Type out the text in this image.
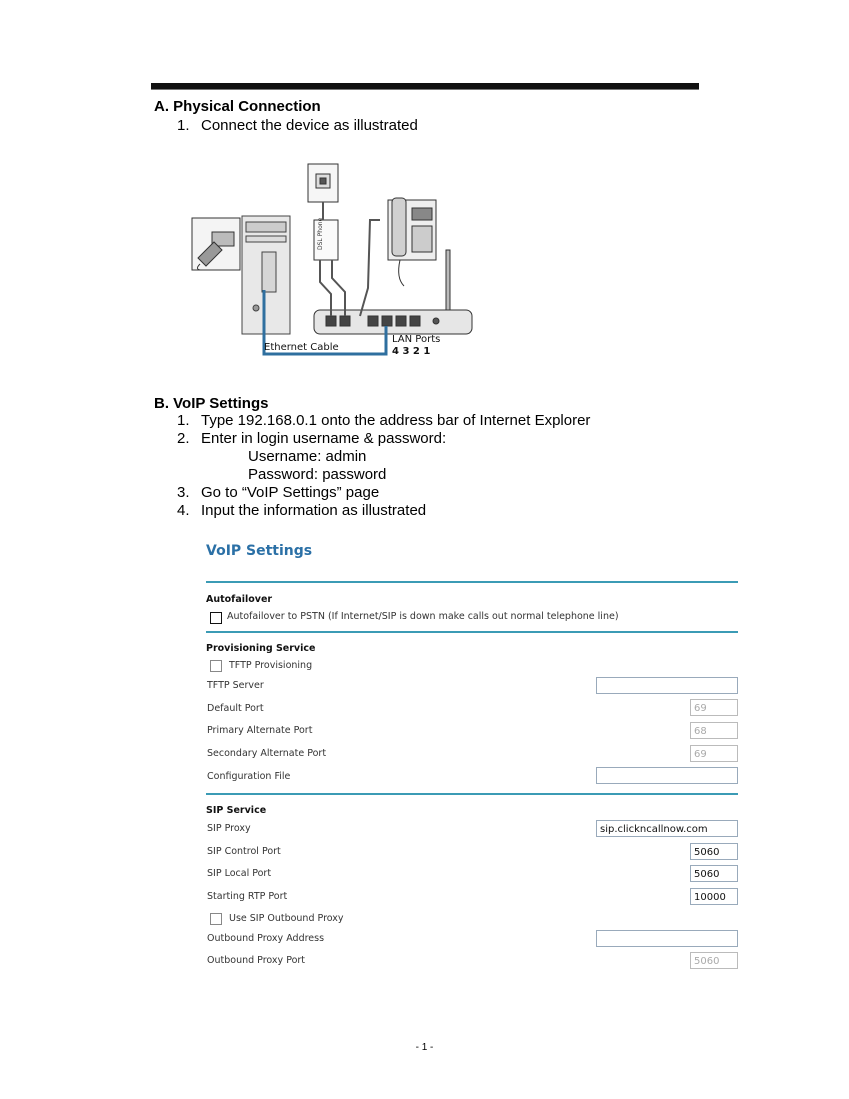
A. Physical Connection
1. Connect the device as illustrated
DSL Phone
Ethernet Cable
LAN Ports
4 3 2 1
B. VoIP Settings
1. Type 192.168.0.1 onto the address bar of Internet Explorer
2. Enter in login username & password:
Username: admin
Password: password
3. Go to “VoIP Settings” page
4. Input the information as illustrated
VoIP Settings
Autofailover
Autofailover to PSTN (If Internet/SIP is down make calls out normal telephone line)
Provisioning Service
TFTP Provisioning
TFTP Server
Default Port	69
Primary Alternate Port	68
Secondary Alternate Port	69
Configuration File
SIP Service
SIP Proxy	sip.clickncallnow.com
SIP Control Port	5060
SIP Local Port	5060
Starting RTP Port	10000
Use SIP Outbound Proxy
Outbound Proxy Address
Outbound Proxy Port	5060
- 1 -
